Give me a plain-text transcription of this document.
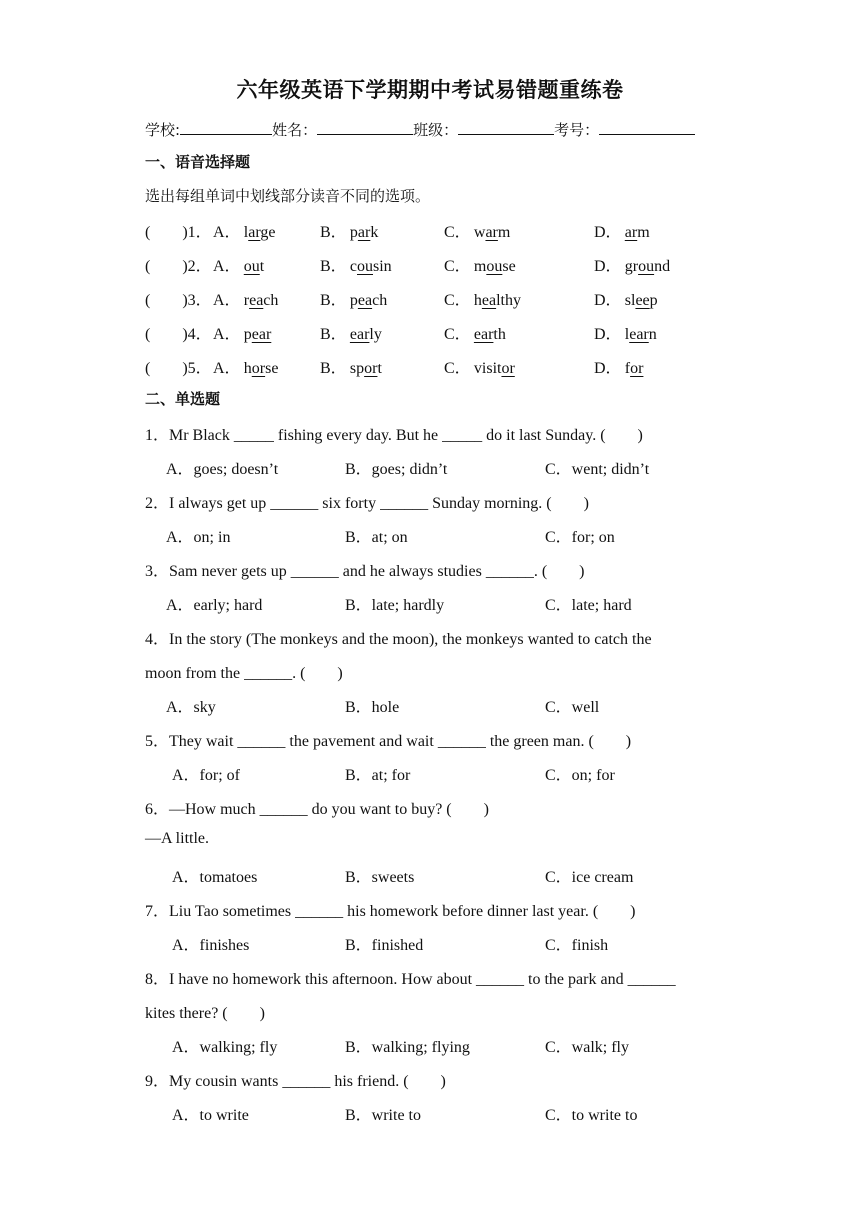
六年级英语下学期期中考试易错题重练卷
学校:	姓名：	班级：	考号：
一、语音选择题
选出每组单词中划线部分读音不同的选项。
(　　)1． A． large	B． park	C． warm	D． arm
(　　)2． A． out	B． cousin	C． mouse	D． ground
(　　)3． A． reach	B． peach	C． healthy	D． sleep
(　　)4． A． pear	B． early	C． earth	D． learn
(　　)5． A． horse	B． sport	C． visitor	D． for
二、单选题
1．Mr Black _____ fishing every day. But he _____ do it last Sunday. (　　)
A．goes; doesn’t	B．goes; didn’t	C．went; didn’t
2．I always get up ______ six forty ______ Sunday morning. (　　)
A．on; in	B．at; on	C．for; on
3．Sam never gets up ______ and he always studies ______. (　　)
A．early; hard	B．late; hardly	C．late; hard
4．In the story (The monkeys and the moon), the monkeys wanted to catch the
moon from the ______. (　　)
A．sky	B．hole	C．well
5．They wait ______ the pavement and wait ______ the green man. (　　)
A．for; of	B．at; for	C．on; for
6．—How much ______ do you want to buy? (　　)
—A little.
A．tomatoes	B．sweets	C．ice cream
7．Liu Tao sometimes ______ his homework before dinner last year. (　　)
A．finishes	B．finished	C．finish
8．I have no homework this afternoon. How about ______ to the park and ______
kites there? (　　)
A．walking; fly	B．walking; flying	C．walk; fly
9．My cousin wants ______ his friend. (　　)
A．to write	B．write to	C．to write to
